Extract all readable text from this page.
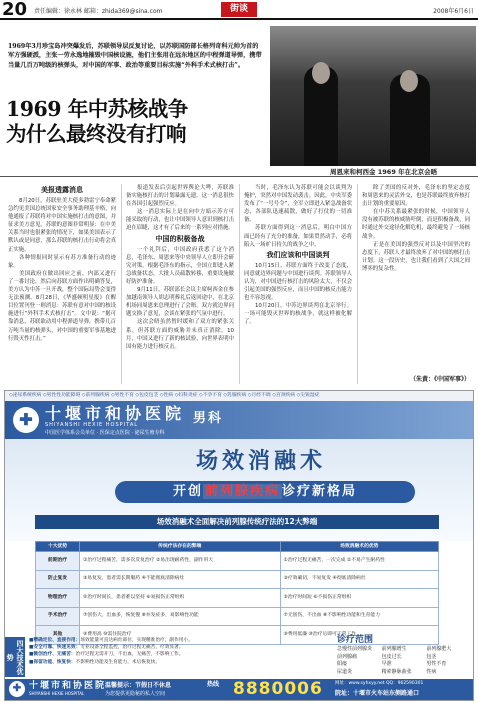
20 责任编辑：徐永林 邮箱：zhida369@sina.com	街谈	2008年6月6日
1969年3月珍宝岛冲突爆发后，苏联领导层反复讨论，以苏联国防部长格列奇科元帅为首的军方强硬派，主张一劳永逸地摧毁中国核设施，他们主张用在远东地区的中程弹道导弹，携带当量几百万吨级的核弹头，对中国的军事、政治等重要目标实施“外科手术式核打击”。
1969 年中苏核战争
为什么最终没有打响
周恩来和柯西金 1969 年在北京会晤
美报透露消息

8月20日，苏联驻美大使多勃雷宁奉命紧急约见美国总统国家安全事务助理基辛格，向他通报了苏联将对中国实施核打击的意图，并征求美方意见。苏联的意图非常明显：在中美关系当时也很紧张的情况下，如果美国表示了默认或是同意，那么苏联的核打击行动将会真正实施。

各种情报同时显示有苏方准备行动的迹象。

美国政府在做出回应之前，内部又进行了一番讨论，然后向苏联方面作出明确答复，美方认为中苏一旦开战，整个国际局势会变得无法预测。8月28日，《华盛顿明星报》在醒目位置刊登一则消息：苏联有意对中国的核设施进行“外科手术式核打击”。文中说：“据可靠消息，苏联欲动用中程弹道导弹，携带几百万吨当量的核弹头，对中国的重要军事基地进行毁灭性打击。”

报道发表后引起世界舆论大哗，苏联准备实施核打击的计划暴露无遗。这一消息很快在各国引起强烈反应。

这一消息实际上是在向中方暗示苏方可能采取的行动，也让中国领导人意识到核打击迫在眉睫，这才有了后来的一系列应对措施。

中国的积极备战

一个礼拜后，中国政府获悉了这个消息，毛泽东、周恩来等中央领导人立即开会研究对策。根据毛泽东的指示，全国立即进入紧急战备状态，大批人员疏散转移，重要设施做好防护准备。

9月11日，苏联部长会议主席柯西金在参加越南领导人胡志明葬礼后返回途中，在北京机场同周恩来总理进行了会晤。双方就边界问题交换了意见，会谈在紧张的气氛中进行。

这次会晤虽然暂时缓和了双方的紧张关系，但苏联方面的威胁并未真正消除。10月，中国又进行了新的核试验，向世界表明中国有能力进行核反击。

当时，毛泽东认为苏联可能会以谈判为掩护，突然对中国发动袭击。因此，中央军委发布了“一号号令”，全军立即进入紧急战备状态，各部队迅速疏散，做好了打仗的一切准备。

苏联方面得到这一消息后，明白中国方面已经有了充分的准备，如果贸然动手，必将陷入一场旷日持久的战争之中。

我们应该和中国谈判

10月15日，苏联方面终于改变了态度，同意就边界问题与中国进行谈判。苏联领导人认为，对中国进行核打击的风险太大，不仅会引起美国的强烈反应，而且中国的核反击能力也不容忽视。

10月20日，中苏边界谈判在北京举行。一场可能毁灭世界的核战争，就这样被化解了。

除了美国的反对外，毛泽东的坚定态度和周恩来的灵活外交，也是苏联最终放弃核打击计划的重要原因。

在中苏关系最紧张的时候，中国领导人没有被苏联的核威胁吓倒，而是积极备战，同时通过外交途径化解危机，最终避免了一场核战争。

正是在美国的强烈反对以及中国坚决的态度下，苏联人才最终放弃了对中国的核打击计划。这一段历史，也让我们看到了大国之间博弈的复杂性。

（朱黄：《中国军事》）
◇泌尿系统疾病 ◇男性性功能障碍 ◇前列腺疾病 ◇男性不育 ◇包皮包茎 ◇性病 ◇妇科炎症 ◇不孕不育 ◇乳腺疾病 ◇月经不调 ◇宫颈疾病 ◇尖锐湿疣
✚ 十堰市和协医院
SHIYANSHI HEXIE HOSPITAL
中国医学体系会员单位 · 医保定点医院 · 泌尿生殖专科
男科
场效消融术
开创 前列腺疾病 诊疗新格局
场效消融术全面解决前列腺传统疗法的12大弊端
十大优势	传统疗法存在的弊端	场效消融术的优势
前期治疗	①治疗过程痛苦，需多次反复治疗 ②易出现耐药性，副作用大	①治疗过程无痛苦，一次完成 ②不易产生耐药性
防止复发	③易复发，患者需长期服药 ④不能彻底清除病灶	③疗效确切，不易复发 ④彻底清除病灶
物理治疗	⑤治疗时间长，患者难以坚持 ⑥易损伤正常组织	⑤治疗时间短 ⑥不损伤正常组织
手术治疗	⑦创伤大，出血多，恢复慢 ⑧并发症多，易影响性功能	⑦无创伤，不出血 ⑧不影响性功能和生育能力
其他	⑨费用高 ⑩需住院治疗	⑨费用低廉 ⑩治疗后即可正常工作
四大技术优势
■精确定位、直接作用：场效能量可直达病灶部位，实现精准治疗，副作用小。
■安全可靠、快速见效：专业设备全程监控，治疗过程无痛苦，疗效显著。
■微创治疗、无痛苦：治疗过程无需开刀，不出血，无痛苦，不影响工作。
■保留功能、恢复快：不影响性功能及生育能力，术后恢复快。
诊疗范围
急慢性前列腺炎	前列腺增生	前列腺肥大
前列腺痛	包皮过长	包茎
阳痿	早泄	男性不育
尿道炎	精索静脉曲张	性病
✚ 十堰市和协医院
SHIYANSHI HEXIE HOSPITAL
温馨提示：节假日不休息
为您提供更隐秘的私人空间
热线 8880006	网址：www.syhxyy.net QQ：962590301
院址：十堰市火车站东侧路通口
